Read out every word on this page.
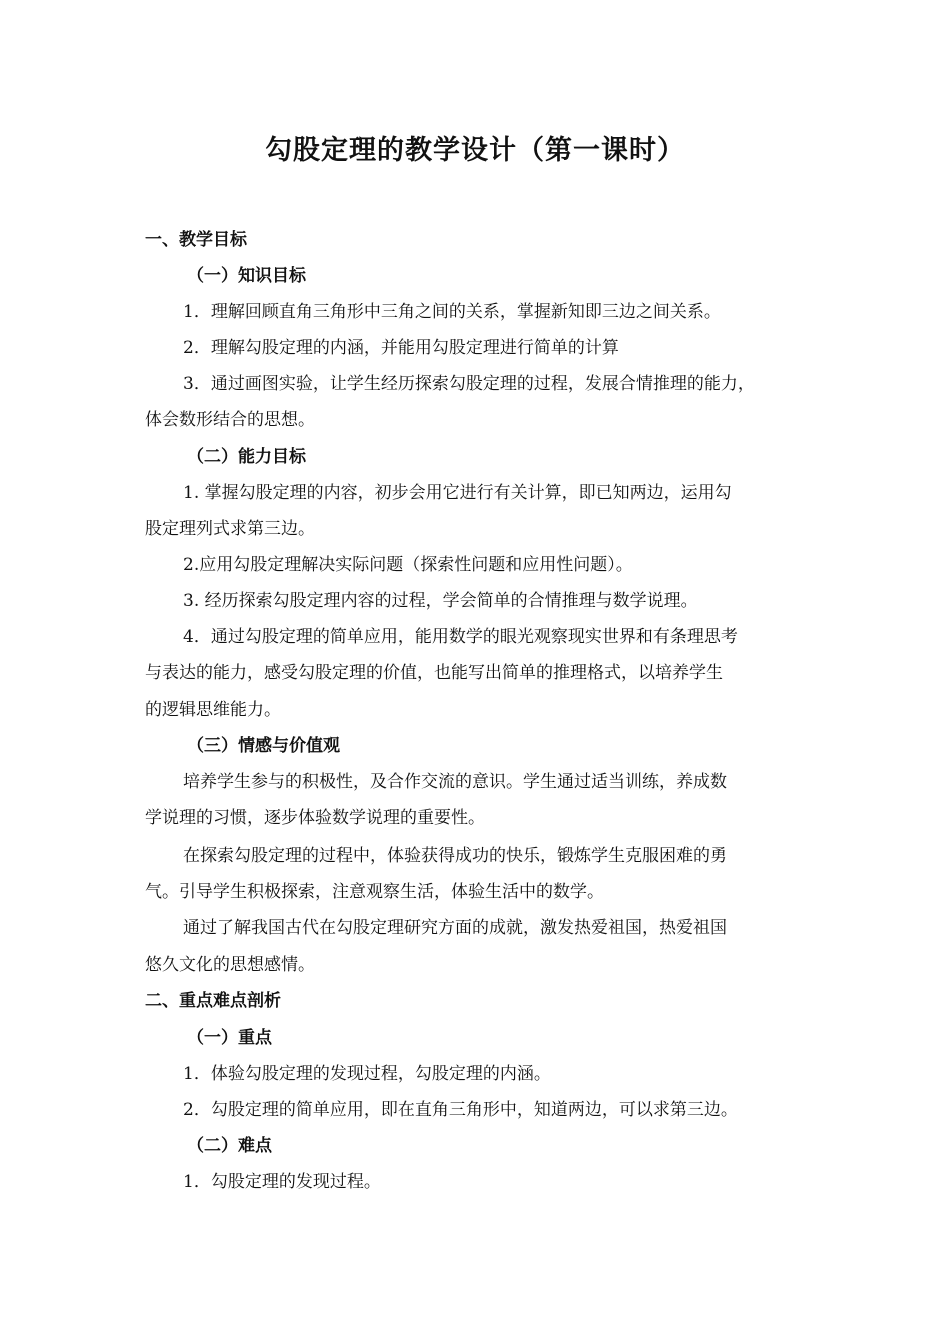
勾股定理的教学设计（第一课时）
一、教学目标
（一）知识目标
1．理解回顾直角三角形中三角之间的关系，掌握新知即三边之间关系。
2．理解勾股定理的内涵，并能用勾股定理进行简单的计算
3．通过画图实验，让学生经历探索勾股定理的过程，发展合情推理的能力，
体会数形结合的思想。
（二）能力目标
1. 掌握勾股定理的内容，初步会用它进行有关计算，即已知两边，运用勾
股定理列式求第三边。
2.应用勾股定理解决实际问题（探索性问题和应用性问题）。
3. 经历探索勾股定理内容的过程，学会简单的合情推理与数学说理。
4．通过勾股定理的简单应用，能用数学的眼光观察现实世界和有条理思考
与表达的能力，感受勾股定理的价值，也能写出简单的推理格式，以培养学生
的逻辑思维能力。
（三）情感与价值观
培养学生参与的积极性，及合作交流的意识。学生通过适当训练，养成数
学说理的习惯，逐步体验数学说理的重要性。
在探索勾股定理的过程中，体验获得成功的快乐，锻炼学生克服困难的勇
气。引导学生积极探索，注意观察生活，体验生活中的数学。
通过了解我国古代在勾股定理研究方面的成就，激发热爱祖国，热爱祖国
悠久文化的思想感情。
二、重点难点剖析
（一）重点
1．体验勾股定理的发现过程，勾股定理的内涵。
2．勾股定理的简单应用，即在直角三角形中，知道两边，可以求第三边。
（二）难点
1．勾股定理的发现过程。
